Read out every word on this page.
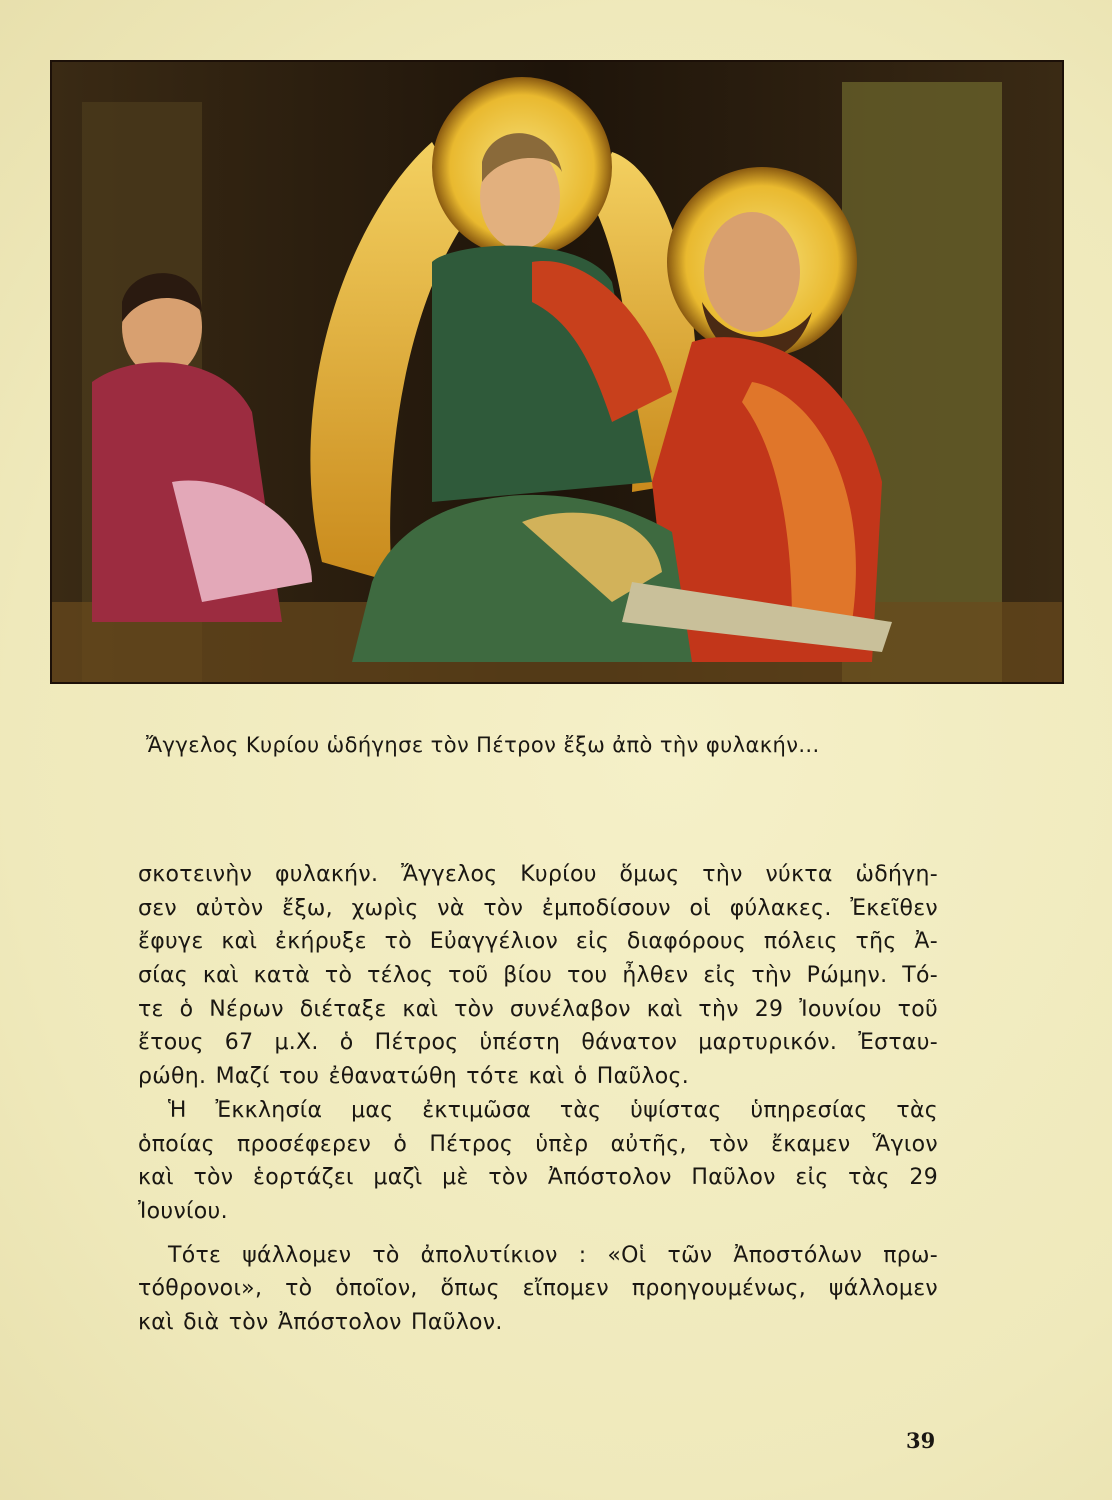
Ἄγγελος Κυρίου ὡδήγησε τὸν Πέτρον ἔξω ἀπὸ τὴν φυλακήν...
σκοτεινὴν φυλακήν. Ἄγγελος Κυρίου ὅμως τὴν νύκτα ὡδήγη-
σεν αὐτὸν ἔξω, χωρὶς νὰ τὸν ἐμποδίσουν οἱ φύλακες. Ἐκεῖθεν
ἔφυγε καὶ ἐκήρυξε τὸ Εὐαγγέλιον εἰς διαφόρους πόλεις τῆς Ἀ-
σίας καὶ κατὰ τὸ τέλος τοῦ βίου του ἦλθεν εἰς τὴν Ρώμην. Τό-
τε ὁ Νέρων διέταξε καὶ τὸν συνέλαβον καὶ τὴν 29 Ἰουνίου τοῦ
ἔτους 67 μ.Χ. ὁ Πέτρος ὑπέστη θάνατον μαρτυρικόν. Ἐσταυ-
ρώθη. Μαζί του ἐθανατώθη τότε καὶ ὁ Παῦλος.
Ἡ Ἐκκλησία μας ἐκτιμῶσα τὰς ὑψίστας ὑπηρεσίας τὰς
ὁποίας προσέφερεν ὁ Πέτρος ὑπὲρ αὐτῆς, τὸν ἔκαμεν Ἅγιον
καὶ τὸν ἑορτάζει μαζὶ μὲ τὸν Ἀπόστολον Παῦλον εἰς τὰς 29
Ἰουνίου.
Τότε ψάλλομεν τὸ ἀπολυτίκιον : «Οἱ τῶν Ἀποστόλων πρω-
τόθρονοι», τὸ ὁποῖον, ὅπως εἴπομεν προηγουμένως, ψάλλομεν
καὶ διὰ τὸν Ἀπόστολον Παῦλον.
39
